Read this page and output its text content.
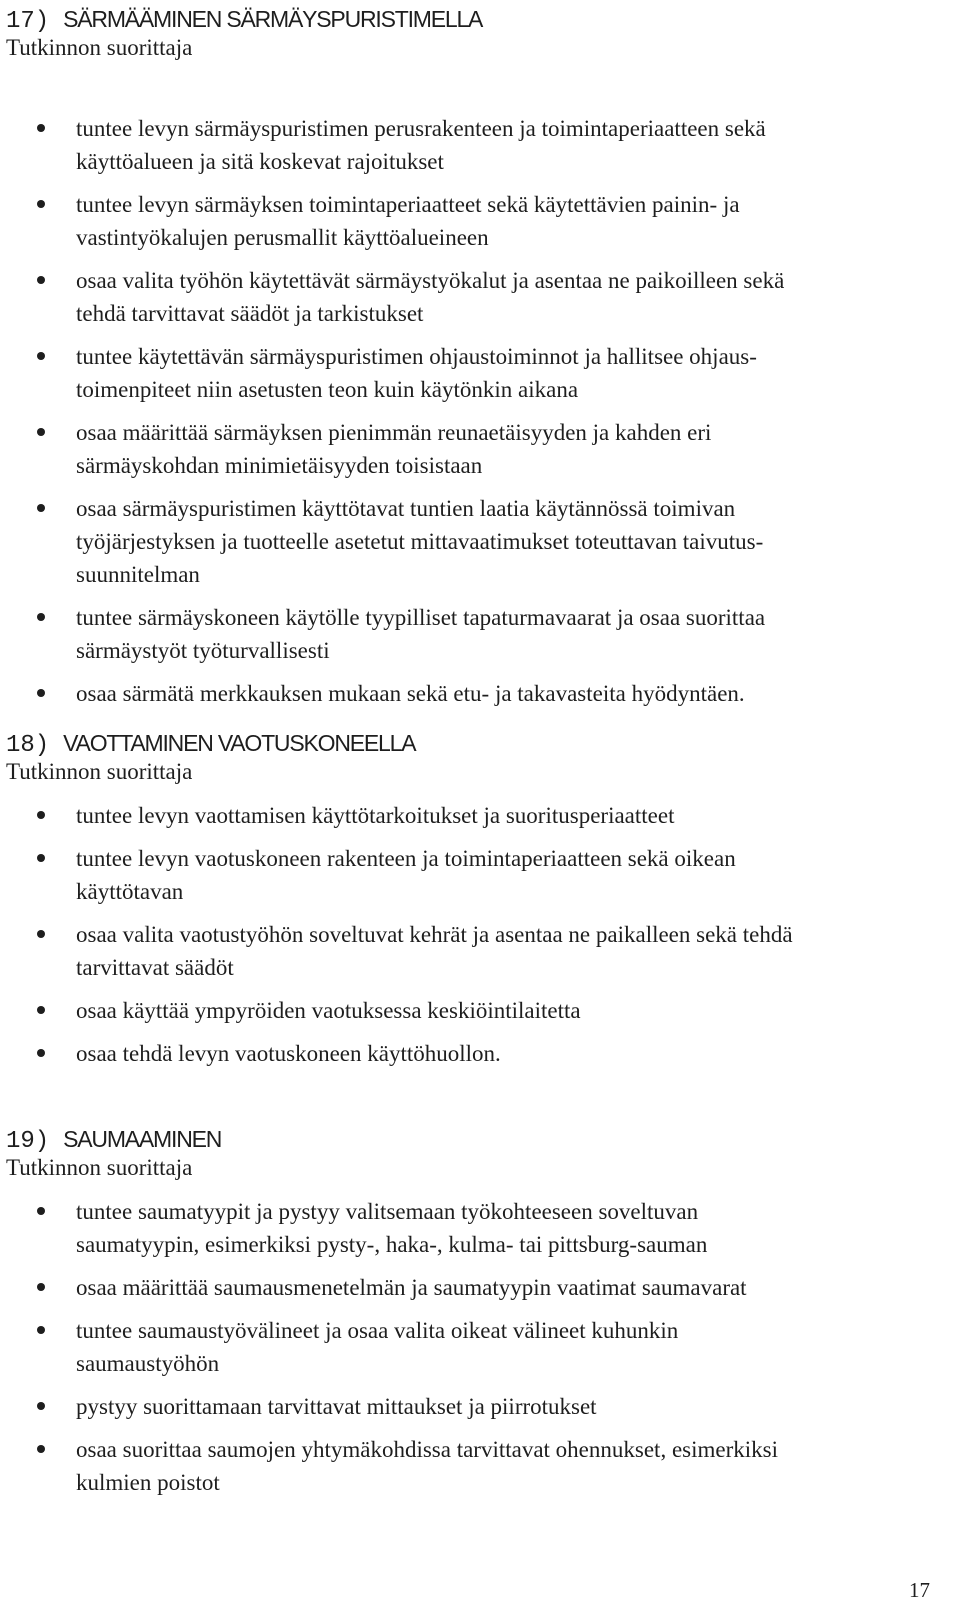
17) SÄRMÄÄMINEN SÄRMÄYSPURISTIMELLA

Tutkinnon suorittaja

tuntee levyn särmäyspuristimen perusrakenteen ja toimintaperiaatteen sekä
käyttöalueen ja sitä koskevat rajoitukset
tuntee levyn särmäyksen toimintaperiaatteet sekä käytettävien painin- ja
vastintyökalujen perusmallit käyttöalueineen
osaa valita työhön käytettävät särmäystyökalut ja asentaa ne paikoilleen sekä
tehdä tarvittavat säädöt ja tarkistukset
tuntee käytettävän särmäyspuristimen ohjaustoiminnot ja hallitsee ohjaus-
toimenpiteet niin asetusten teon kuin käytönkin aikana
osaa määrittää särmäyksen pienimmän reunaetäisyyden ja kahden eri
särmäyskohdan minimietäisyyden toisistaan
osaa särmäyspuristimen käyttötavat tuntien laatia käytännössä toimivan
työjärjestyksen ja tuotteelle asetetut mittavaatimukset toteuttavan taivutus-
suunnitelman
tuntee särmäyskoneen käytölle tyypilliset tapaturmavaarat ja osaa suorittaa
särmäystyöt työturvallisesti
osaa särmätä merkkauksen mukaan sekä etu- ja takavasteita hyödyntäen.
18) VAOTTAMINEN VAOTUSKONEELLA

Tutkinnon suorittaja

tuntee levyn vaottamisen käyttötarkoitukset ja suoritusperiaatteet
tuntee levyn vaotuskoneen rakenteen ja toimintaperiaatteen sekä oikean
käyttötavan
osaa valita vaotustyöhön soveltuvat kehrät ja asentaa ne paikalleen sekä tehdä
tarvittavat säädöt
osaa käyttää ympyröiden vaotuksessa keskiöintilaitetta
osaa tehdä levyn vaotuskoneen käyttöhuollon.
19) SAUMAAMINEN

Tutkinnon suorittaja

tuntee saumatyypit ja pystyy valitsemaan työkohteeseen soveltuvan
saumatyypin, esimerkiksi pysty-, haka-, kulma- tai pittsburg-sauman
osaa määrittää saumausmenetelmän ja saumatyypin vaatimat saumavarat
tuntee saumaustyövälineet ja osaa valita oikeat välineet kuhunkin
saumaustyöhön
pystyy suorittamaan tarvittavat mittaukset ja piirrotukset
osaa suorittaa saumojen yhtymäkohdissa tarvittavat ohennukset, esimerkiksi
kulmien poistot
17
